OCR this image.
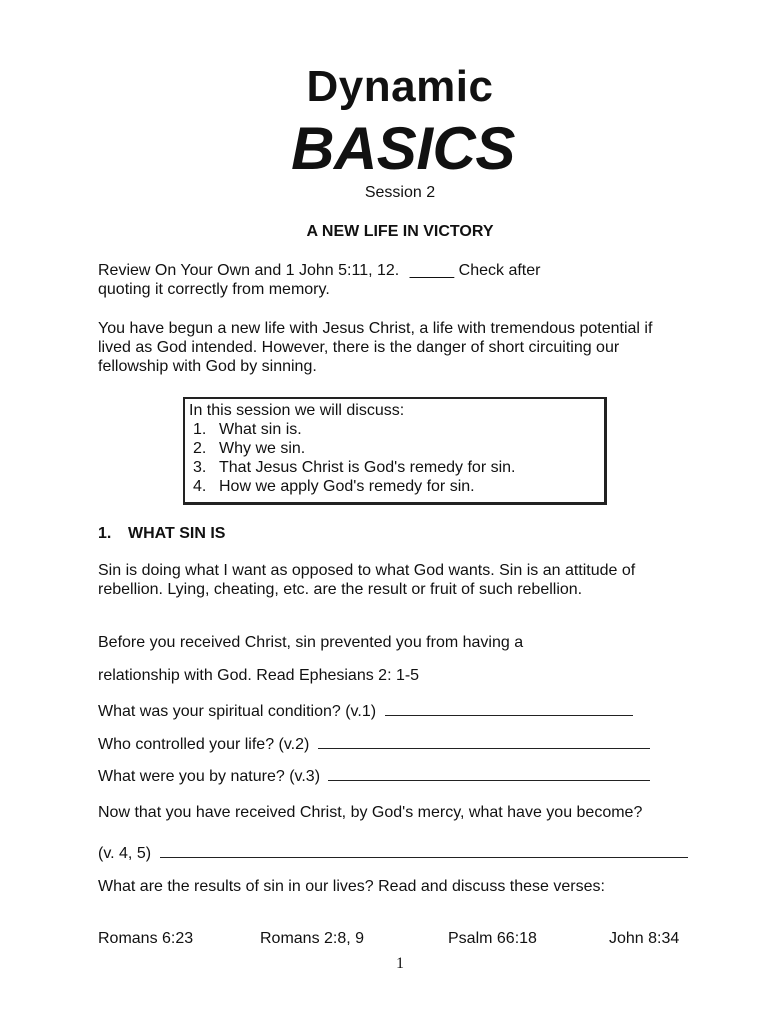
Dynamic
BASICS
Session 2
A NEW LIFE IN VICTORY
Review On Your Own and 1 John 5:11, 12. _____ Check after
quoting it correctly from memory.

You have begun a new life with Jesus Christ, a life with tremendous potential if lived as God intended. However, there is the danger of short circuiting our fellowship with God by sinning.

In this session we will discuss:
1. What sin is.
2. Why we sin.
3. That Jesus Christ is God's remedy for sin.
4. How we apply God's remedy for sin.
1. WHAT SIN IS

Sin is doing what I want as opposed to what God wants. Sin is an attitude of rebellion. Lying, cheating, etc. are the result or fruit of such rebellion.

Before you received Christ, sin prevented you from having a
relationship with God. Read Ephesians 2: 1-5
What was your spiritual condition? (v.1)
Who controlled your life? (v.2)
What were you by nature? (v.3)

Now that you have received Christ, by God's mercy, what have you become?

(v. 4, 5)

What are the results of sin in our lives? Read and discuss these verses:

Romans 6:23	Romans 2:8, 9	Psalm 66:18	John 8:34
1
